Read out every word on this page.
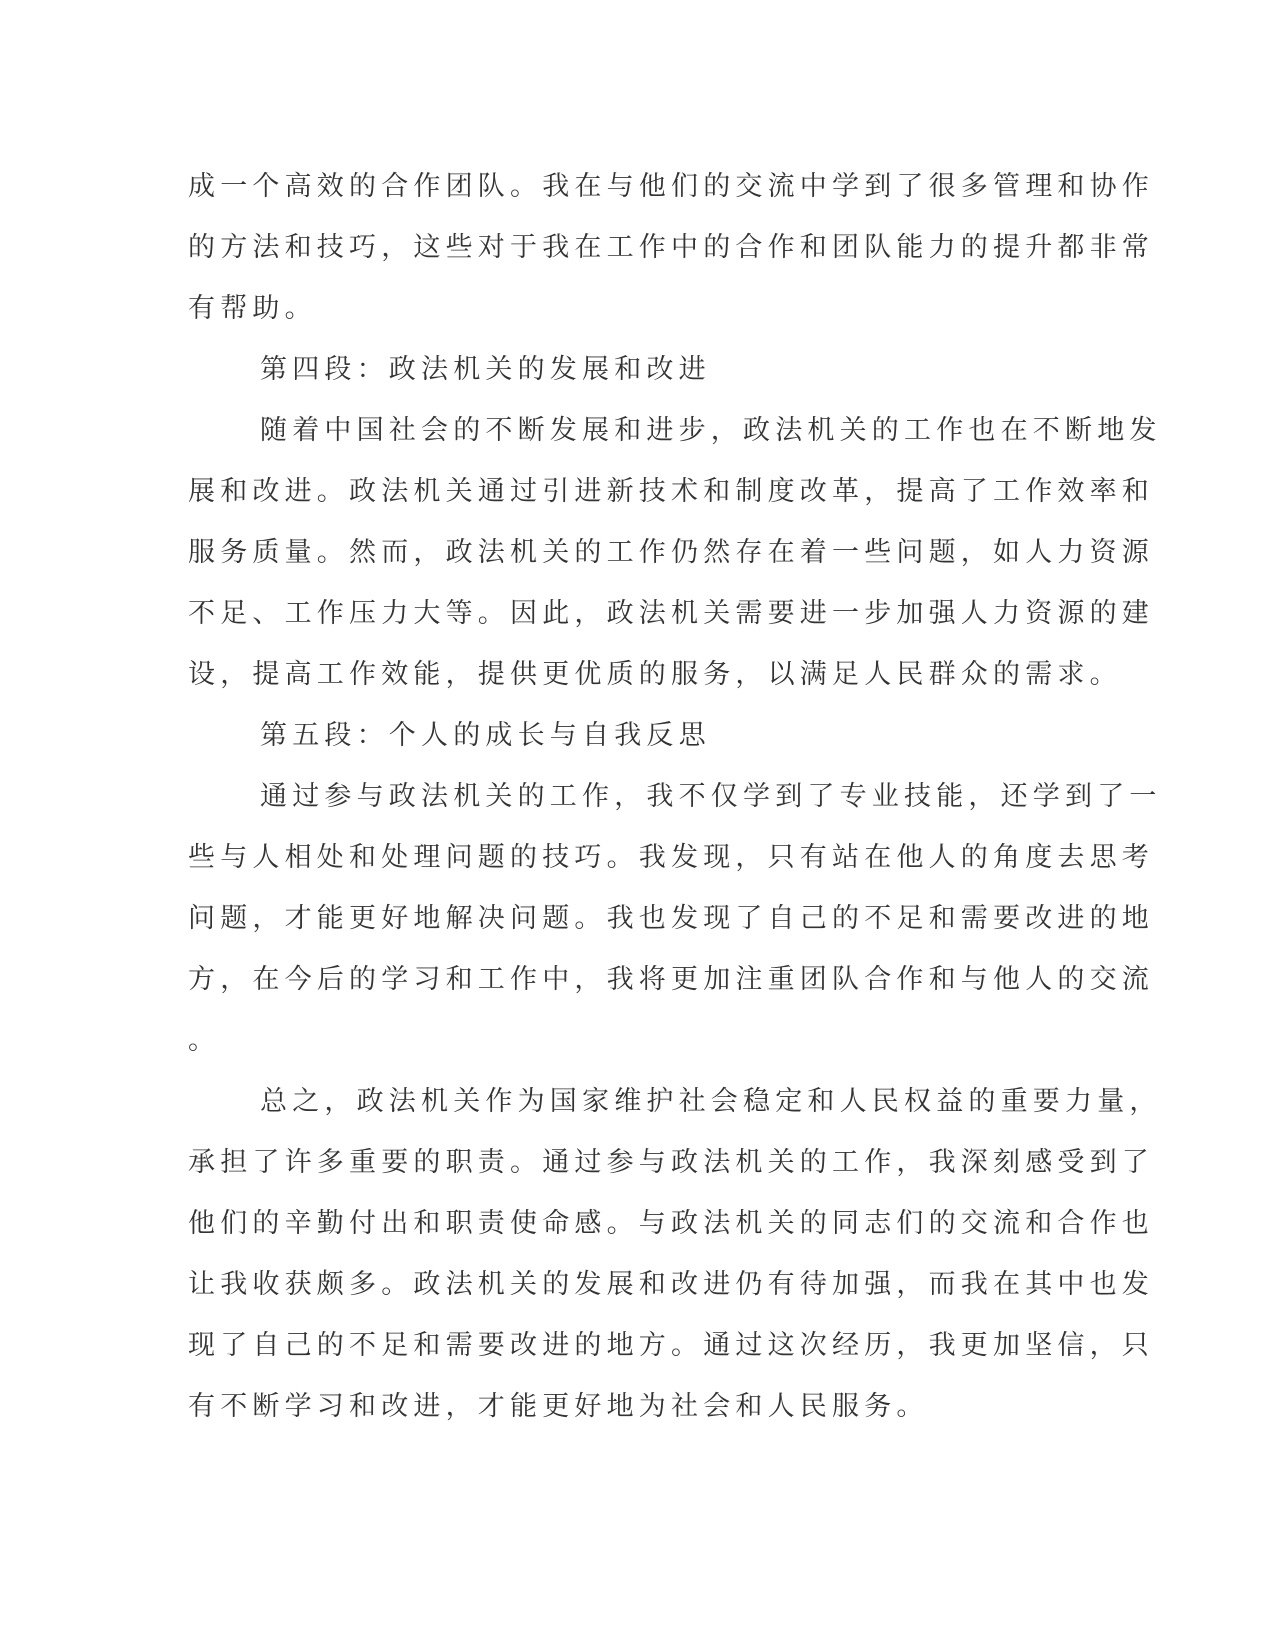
成一个高效的合作团队。我在与他们的交流中学到了很多管理和协作
的方法和技巧，这些对于我在工作中的合作和团队能力的提升都非常
有帮助。
第四段：政法机关的发展和改进
随着中国社会的不断发展和进步，政法机关的工作也在不断地发
展和改进。政法机关通过引进新技术和制度改革，提高了工作效率和
服务质量。然而，政法机关的工作仍然存在着一些问题，如人力资源
不足、工作压力大等。因此，政法机关需要进一步加强人力资源的建
设，提高工作效能，提供更优质的服务，以满足人民群众的需求。
第五段：个人的成长与自我反思
通过参与政法机关的工作，我不仅学到了专业技能，还学到了一
些与人相处和处理问题的技巧。我发现，只有站在他人的角度去思考
问题，才能更好地解决问题。我也发现了自己的不足和需要改进的地
方，在今后的学习和工作中，我将更加注重团队合作和与他人的交流
。
总之，政法机关作为国家维护社会稳定和人民权益的重要力量，
承担了许多重要的职责。通过参与政法机关的工作，我深刻感受到了
他们的辛勤付出和职责使命感。与政法机关的同志们的交流和合作也
让我收获颇多。政法机关的发展和改进仍有待加强，而我在其中也发
现了自己的不足和需要改进的地方。通过这次经历，我更加坚信，只
有不断学习和改进，才能更好地为社会和人民服务。
